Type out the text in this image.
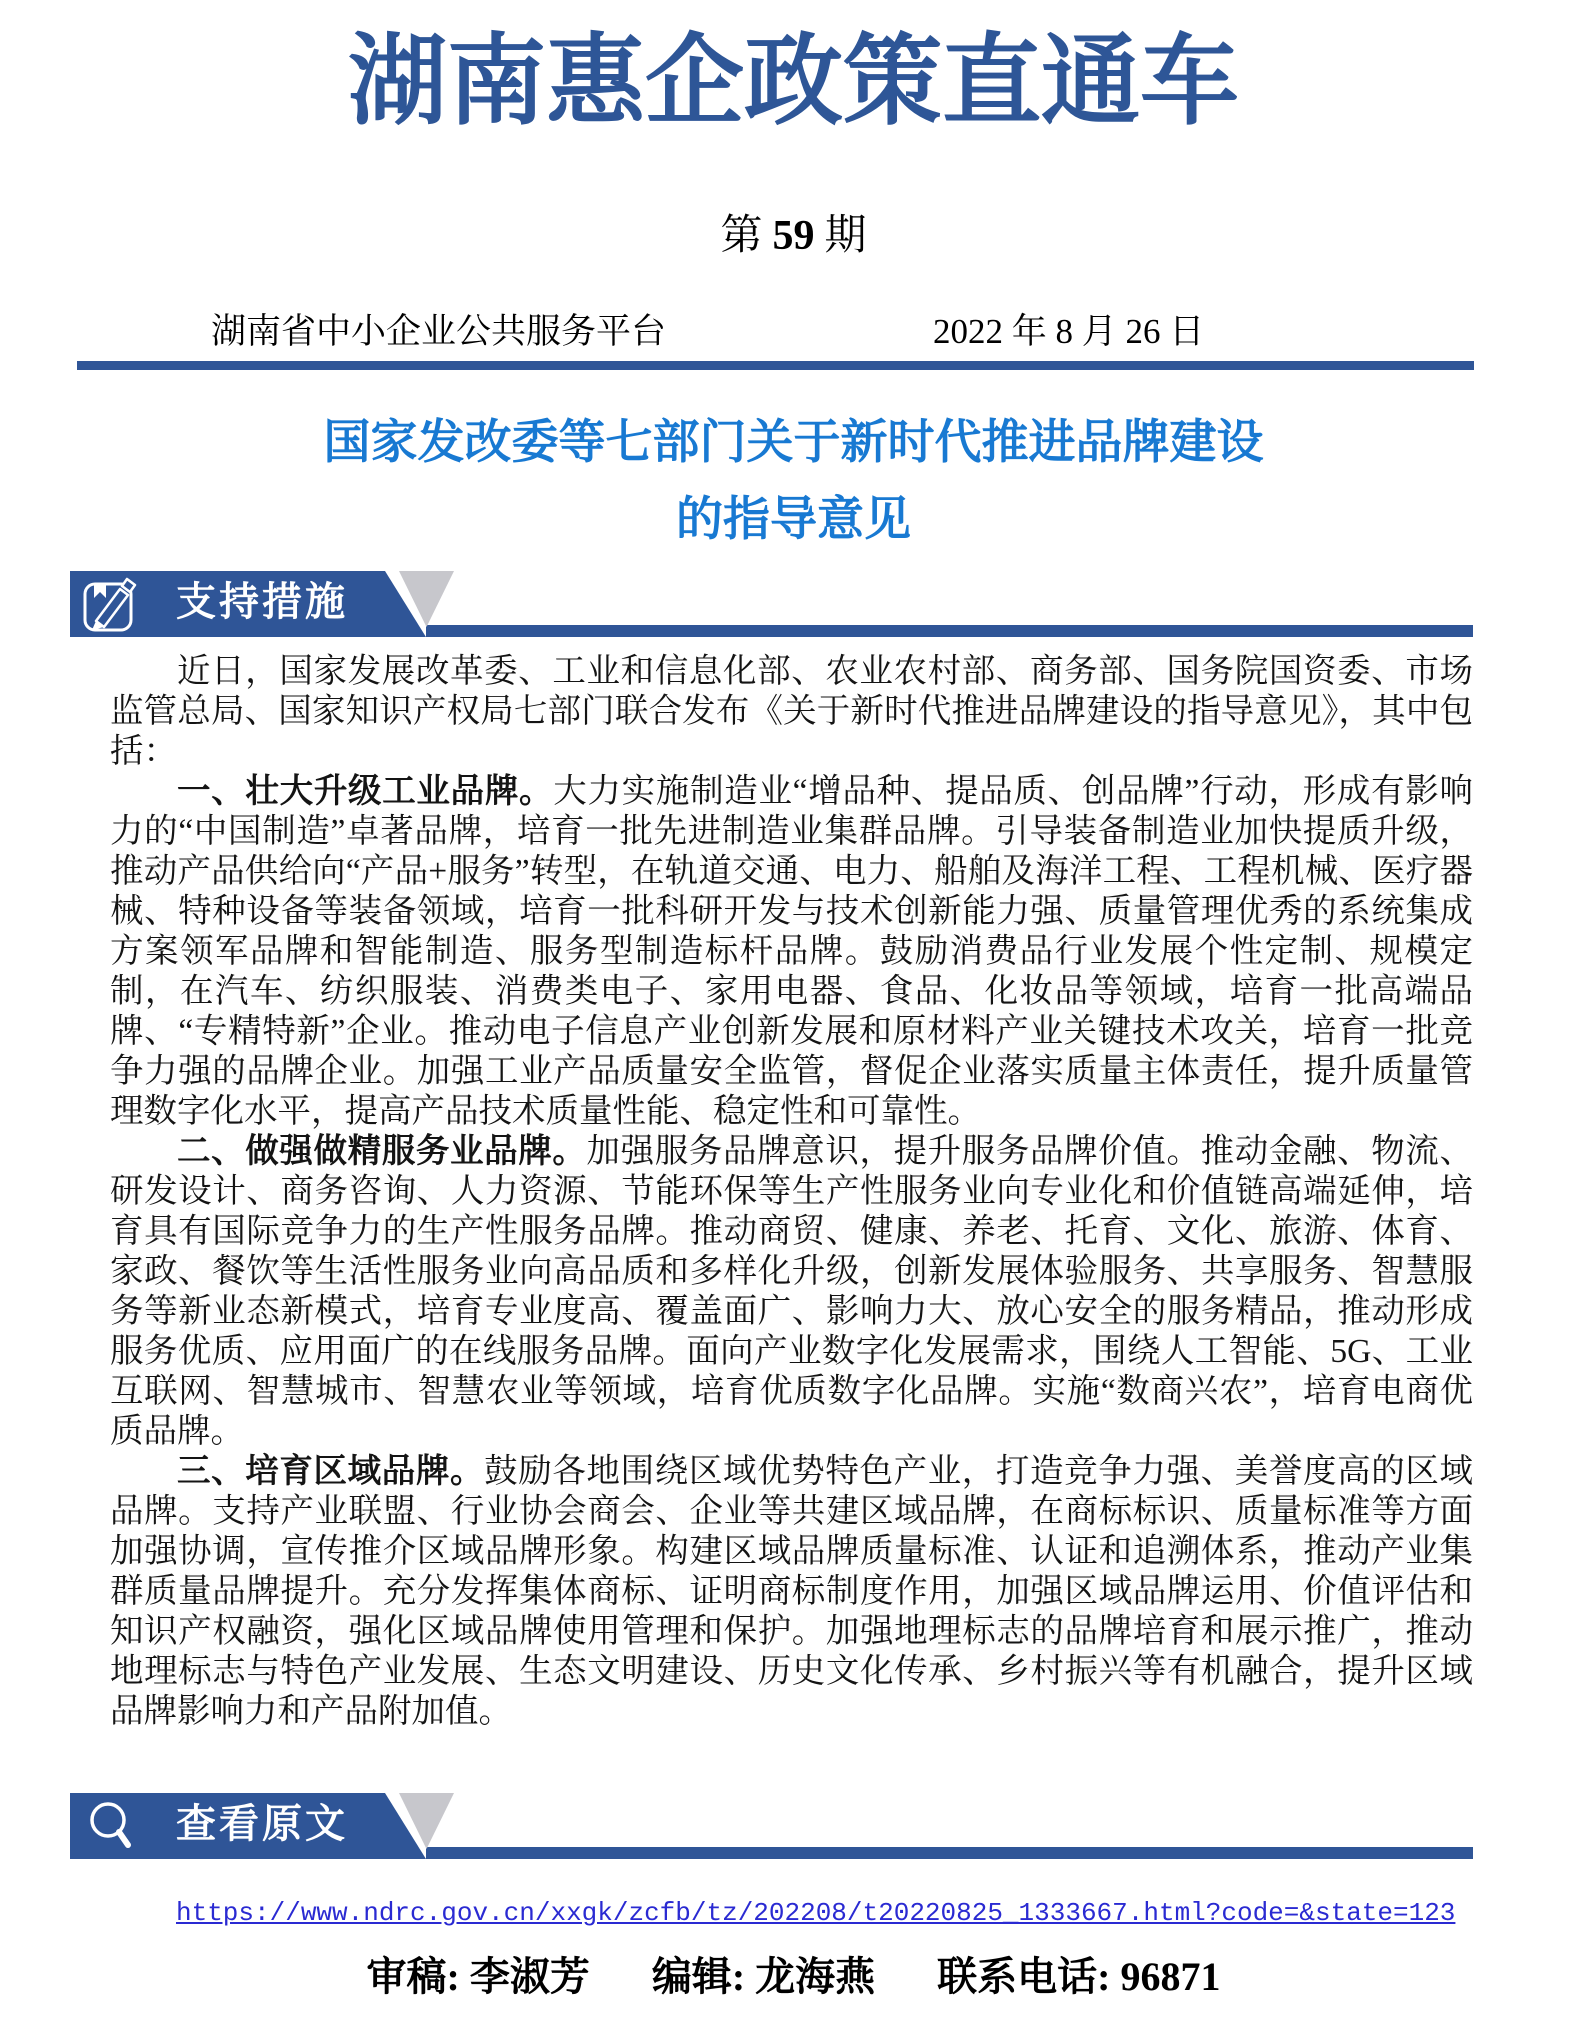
湖南惠企政策直通车
第 59 期
湖南省中小企业公共服务平台	2022 年 8 月 26 日
国家发改委等七部门关于新时代推进品牌建设
的指导意见
支持措施

近日，国家发展改革委、工业和信息化部、农业农村部、商务部、国务院国资委、市场监管总局、国家知识产权局七部门联合发布《关于新时代推进品牌建设的指导意见》，其中包括：

一、壮大升级工业品牌。大力实施制造业“增品种、提品质、创品牌”行动，形成有影响力的“中国制造”卓著品牌，培育一批先进制造业集群品牌。引导装备制造业加快提质升级，推动产品供给向“产品+服务”转型，在轨道交通、电力、船舶及海洋工程、工程机械、医疗器械、特种设备等装备领域，培育一批科研开发与技术创新能力强、质量管理优秀的系统集成方案领军品牌和智能制造、服务型制造标杆品牌。鼓励消费品行业发展个性定制、规模定制，在汽车、纺织服装、消费类电子、家用电器、食品、化妆品等领域，培育一批高端品牌、“专精特新”企业。推动电子信息产业创新发展和原材料产业关键技术攻关，培育一批竞争力强的品牌企业。加强工业产品质量安全监管，督促企业落实质量主体责任，提升质量管理数字化水平，提高产品技术质量性能、稳定性和可靠性。

二、做强做精服务业品牌。加强服务品牌意识，提升服务品牌价值。推动金融、物流、研发设计、商务咨询、人力资源、节能环保等生产性服务业向专业化和价值链高端延伸，培育具有国际竞争力的生产性服务品牌。推动商贸、健康、养老、托育、文化、旅游、体育、家政、餐饮等生活性服务业向高品质和多样化升级，创新发展体验服务、共享服务、智慧服务等新业态新模式，培育专业度高、覆盖面广、影响力大、放心安全的服务精品，推动形成服务优质、应用面广的在线服务品牌。面向产业数字化发展需求，围绕人工智能、5G、工业互联网、智慧城市、智慧农业等领域，培育优质数字化品牌。实施“数商兴农”，培育电商优质品牌。

三、培育区域品牌。鼓励各地围绕区域优势特色产业，打造竞争力强、美誉度高的区域品牌。支持产业联盟、行业协会商会、企业等共建区域品牌，在商标标识、质量标准等方面加强协调，宣传推介区域品牌形象。构建区域品牌质量标准、认证和追溯体系，推动产业集群质量品牌提升。充分发挥集体商标、证明商标制度作用，加强区域品牌运用、价值评估和知识产权融资，强化区域品牌使用管理和保护。加强地理标志的品牌培育和展示推广，推动地理标志与特色产业发展、生态文明建设、历史文化传承、乡村振兴等有机融合，提升区域品牌影响力和产品附加值。

查看原文
https://www.ndrc.gov.cn/xxgk/zcfb/tz/202208/t20220825_1333667.html?code=&state=123
审稿: 李淑芳 编辑: 龙海燕 联系电话: 96871
